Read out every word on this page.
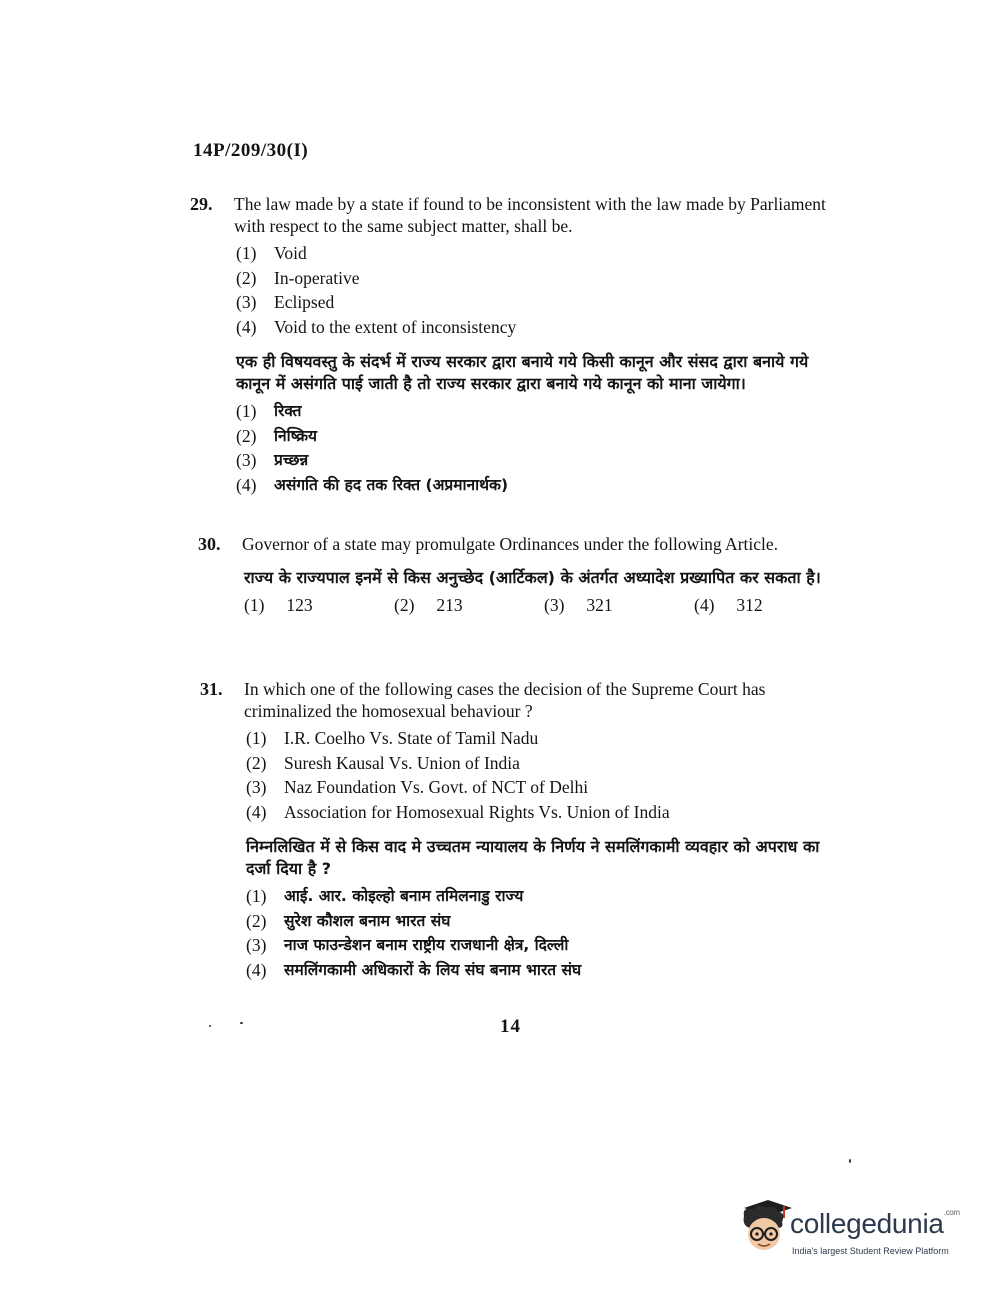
14P/209/30(I)
29.	The law made by a state if found to be inconsistent with the law made by Parliament with respect to the same subject matter, shall be.
(1)	Void
(2)	In-operative
(3)	Eclipsed
(4)	Void to the extent of inconsistency
एक ही विषयवस्तु के संदर्भ में राज्य सरकार द्वारा बनाये गये किसी कानून और संसद द्वारा बनाये गये कानून में असंगति पाई जाती है तो राज्य सरकार द्वारा बनाये गये कानून को माना जायेगा।
(1)	रिक्त
(2)	निष्क्रिय
(3)	प्रच्छन्न
(4)	असंगति की हद तक रिक्त (अप्रमानार्थक)
30.	Governor of a state may promulgate Ordinances under the following Article.
राज्य के राज्यपाल इनमें से किस अनुच्छेद (आर्टिकल) के अंतर्गत अध्यादेश प्रख्यापित कर सकता है।
(1) 123	(2) 213	(3) 321	(4) 312
31.	In which one of the following cases the decision of the Supreme Court has criminalized the homosexual behaviour ?
(1)	I.R. Coelho Vs. State of Tamil Nadu
(2)	Suresh Kausal Vs. Union of India
(3)	Naz Foundation Vs. Govt. of NCT of Delhi
(4)	Association for Homosexual Rights Vs. Union of India
निम्नलिखित में से किस वाद मे उच्चतम न्यायालय के निर्णय ने समलिंगकामी व्यवहार को अपराध का दर्जा दिया है ?
(1)	आई. आर. कोइल्हो बनाम तमिलनाडु राज्य
(2)	सुरेश कौशल बनाम भारत संघ
(3)	नाज फाउन्डेशन बनाम राष्ट्रीय राजधानी क्षेत्र, दिल्ली
(4)	समलिंगकामी अधिकारों के लिय संघ बनाम भारत संघ
14
collegedunia$^{.com}$
India's largest Student Review Platform
